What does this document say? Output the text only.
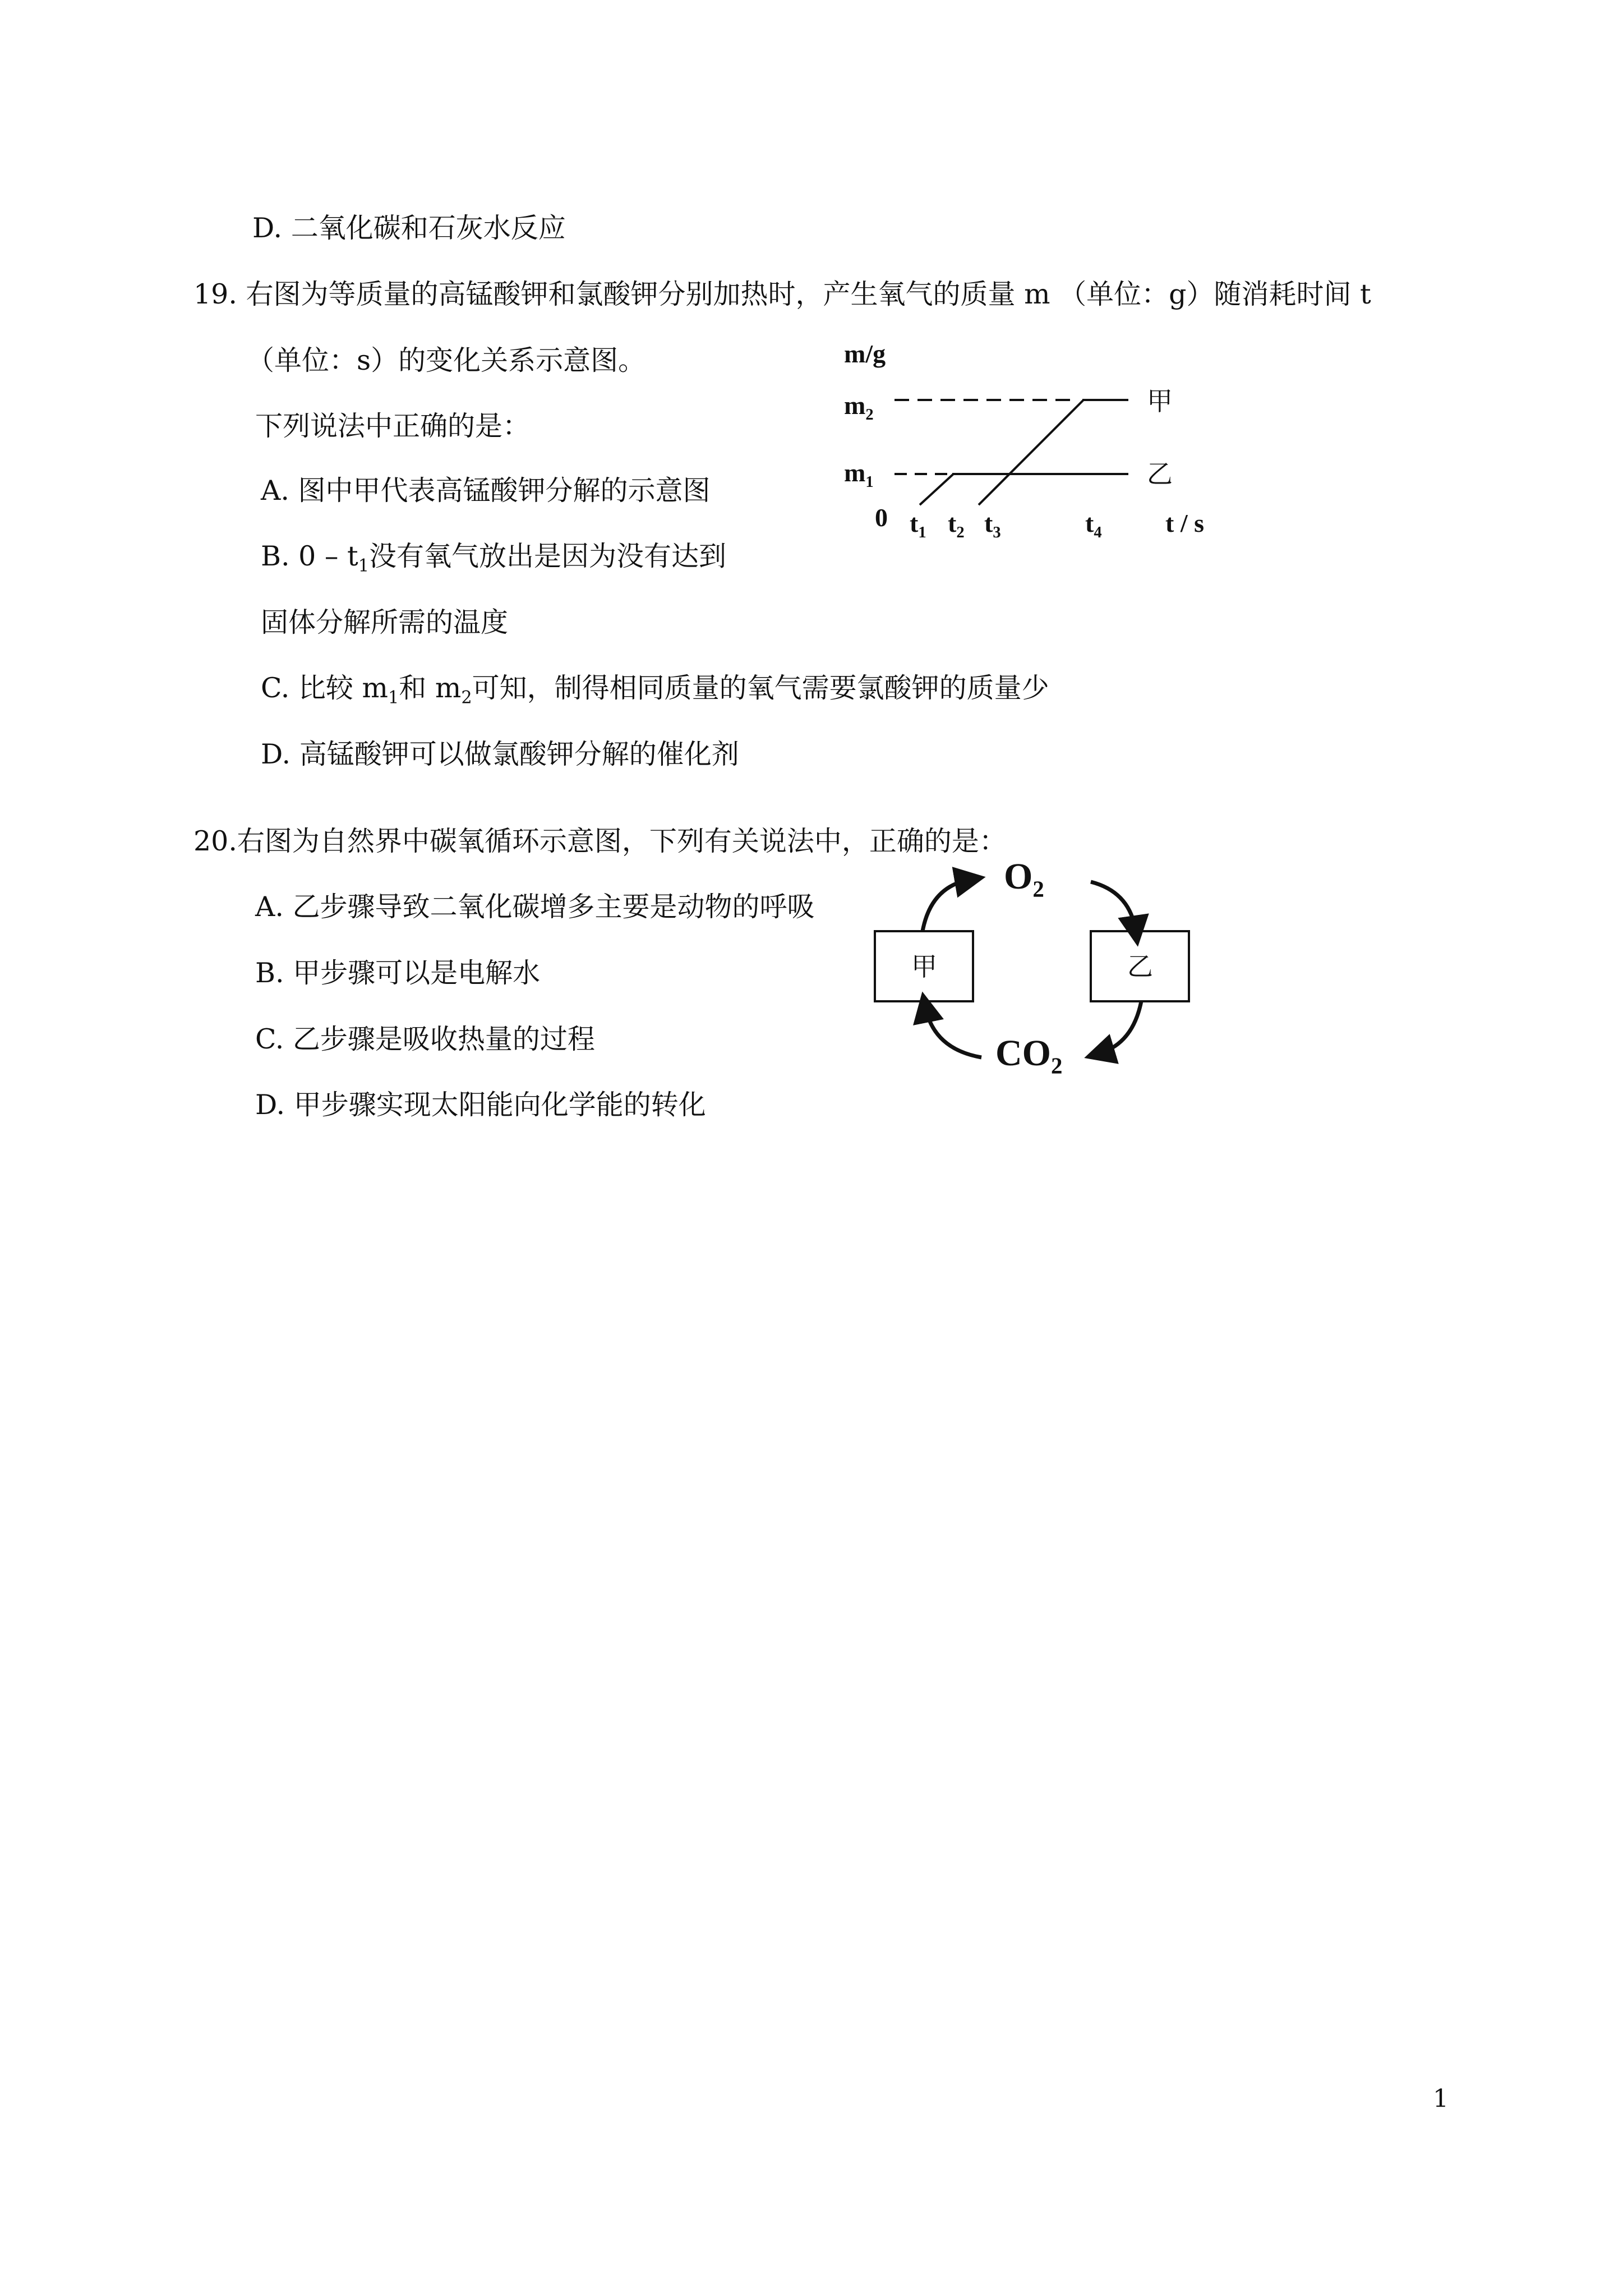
D. 二氧化碳和石灰水反应
19. 右图为等质量的高锰酸钾和氯酸钾分别加热时，产生氧气的质量 m （单位：g）随消耗时间 t
（单位：s）的变化关系示意图。
下列说法中正确的是：
A. 图中甲代表高锰酸钾分解的示意图
B. $0 - t_1$没有氧气放出是因为没有达到
固体分解所需的温度
C. 比较 $m_1$和 $m_2$可知，制得相同质量的氧气需要氯酸钾的质量少
D. 高锰酸钾可以做氯酸钾分解的催化剂
m/g
$m_2$
$m_1$
0 $t_1$ $t_2$ $t_3$	$t_4$ t / s
甲
乙
20.右图为自然界中碳氧循环示意图，下列有关说法中，正确的是：
A. 乙步骤导致二氧化碳增多主要是动物的呼吸
B. 甲步骤可以是电解水
C. 乙步骤是吸收热量的过程
D. 甲步骤实现太阳能向化学能的转化
$O_2$
$CO_2$
甲	乙
1
